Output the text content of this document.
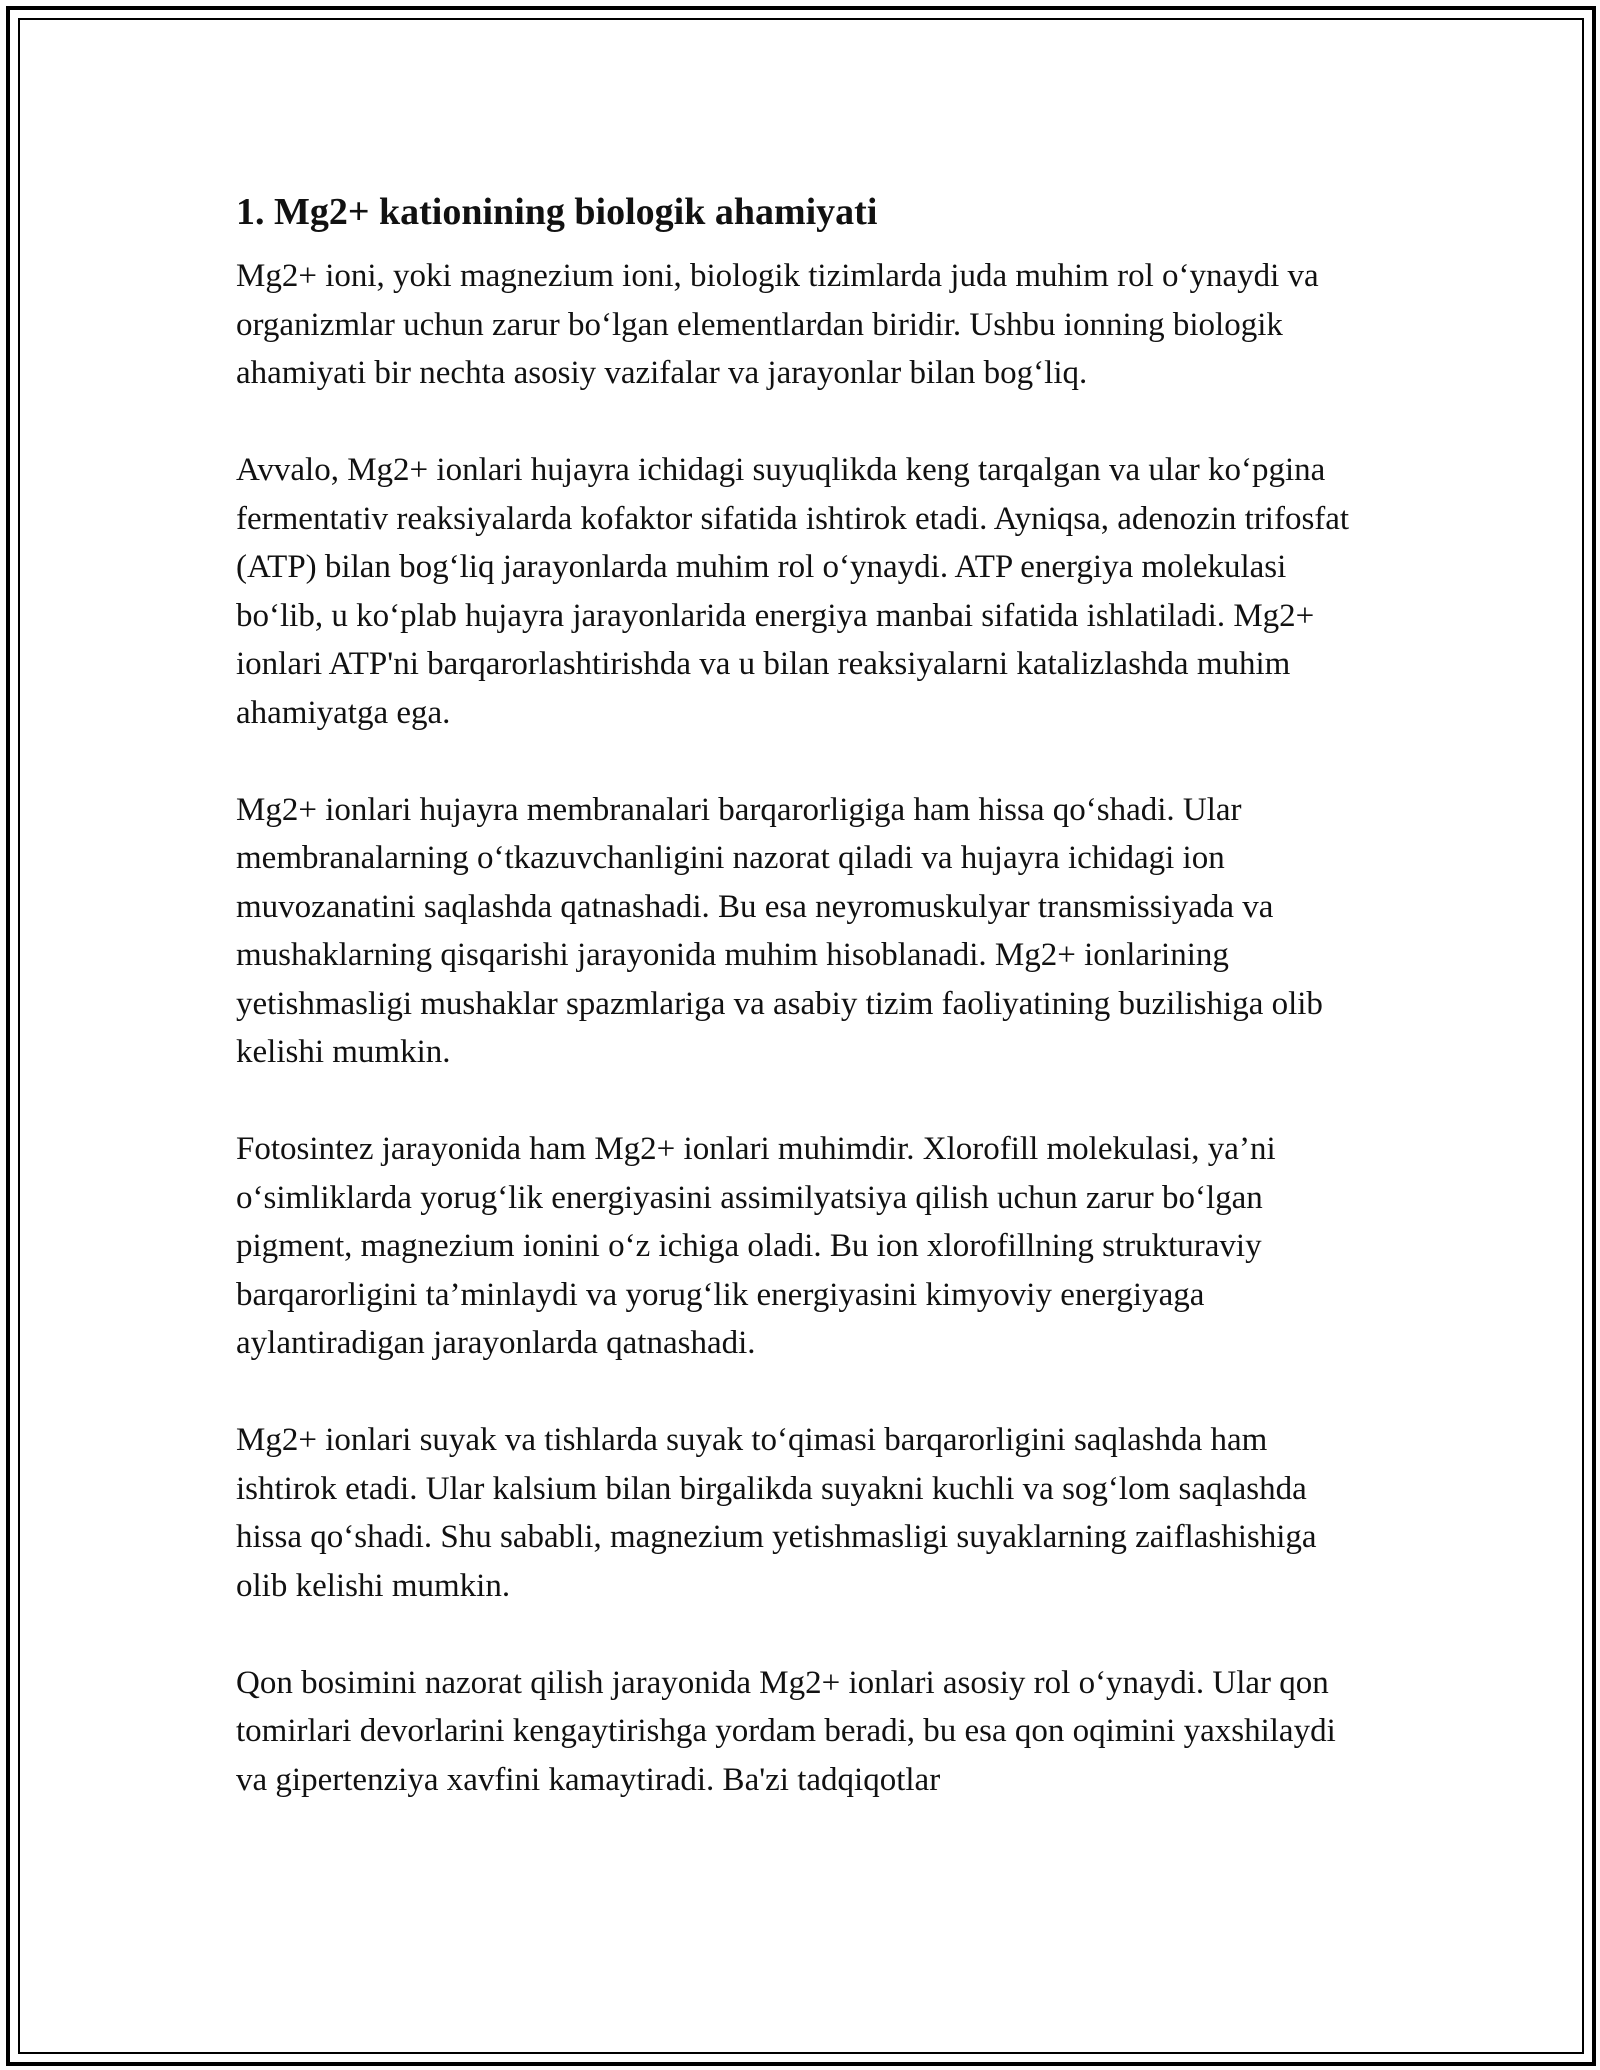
1. Mg2+ kationining biologik ahamiyati

Mg2+ ioni, yoki magnezium ioni, biologik tizimlarda juda muhim rol o‘ynaydi va organizmlar uchun zarur bo‘lgan elementlardan biridir. Ushbu ionning biologik ahamiyati bir nechta asosiy vazifalar va jarayonlar bilan bog‘liq.

Avvalo, Mg2+ ionlari hujayra ichidagi suyuqlikda keng tarqalgan va ular ko‘pgina fermentativ reaksiyalarda kofaktor sifatida ishtirok etadi. Ayniqsa, adenozin trifosfat (ATP) bilan bog‘liq jarayonlarda muhim rol o‘ynaydi. ATP energiya molekulasi bo‘lib, u ko‘plab hujayra jarayonlarida energiya manbai sifatida ishlatiladi. Mg2+ ionlari ATP'ni barqarorlashtirishda va u bilan reaksiyalarni katalizlashda muhim ahamiyatga ega.

Mg2+ ionlari hujayra membranalari barqarorligiga ham hissa qo‘shadi. Ular membranalarning o‘tkazuvchanligini nazorat qiladi va hujayra ichidagi ion muvozanatini saqlashda qatnashadi. Bu esa neyromuskulyar transmissiyada va mushaklarning qisqarishi jarayonida muhim hisoblanadi. Mg2+ ionlarining yetishmasligi mushaklar spazmlariga va asabiy tizim faoliyatining buzilishiga olib kelishi mumkin.

Fotosintez jarayonida ham Mg2+ ionlari muhimdir. Xlorofill molekulasi, ya’ni o‘simliklarda yorug‘lik energiyasini assimilyatsiya qilish uchun zarur bo‘lgan pigment, magnezium ionini o‘z ichiga oladi. Bu ion xlorofillning strukturaviy barqarorligini ta’minlaydi va yorug‘lik energiyasini kimyoviy energiyaga aylantiradigan jarayonlarda qatnashadi.

Mg2+ ionlari suyak va tishlarda suyak to‘qimasi barqarorligini saqlashda ham ishtirok etadi. Ular kalsium bilan birgalikda suyakni kuchli va sog‘lom saqlashda hissa qo‘shadi. Shu sababli, magnezium yetishmasligi suyaklarning zaiflashishiga olib kelishi mumkin.

Qon bosimini nazorat qilish jarayonida Mg2+ ionlari asosiy rol o‘ynaydi. Ular qon tomirlari devorlarini kengaytirishga yordam beradi, bu esa qon oqimini yaxshilaydi va gipertenziya xavfini kamaytiradi. Ba'zi tadqiqotlar
